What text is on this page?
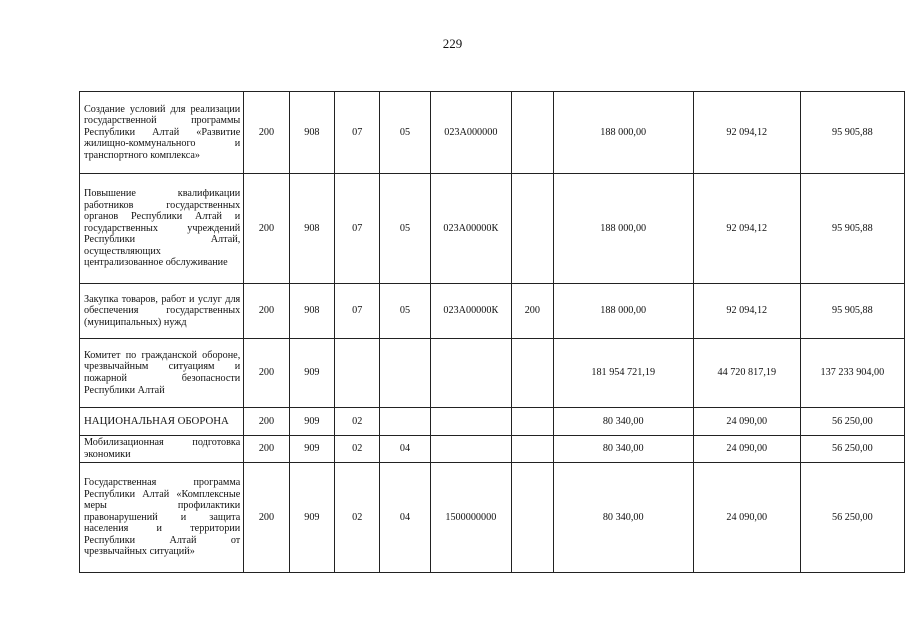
229
Создание условий для реализации государственной программы Республики Алтай «Развитие жилищно-коммунального и транспортного комплекса»	200	908	07	05	023А000000		188 000,00	92 094,12	95 905,88
Повышение квалификации работников государственных органов Республики Алтай и государственных учреждений Республики Алтай, осуществляющих централизованное обслуживание	200	908	07	05	023А00000К		188 000,00	92 094,12	95 905,88
Закупка товаров, работ и услуг для обеспечения государственных (муниципальных) нужд	200	908	07	05	023А00000К	200	188 000,00	92 094,12	95 905,88
Комитет по гражданской обороне, чрезвычайным ситуациям и пожарной безопасности Республики Алтай	200	909					181 954 721,19	44 720 817,19	137 233 904,00
НАЦИОНАЛЬНАЯ ОБОРОНА	200	909	02				80 340,00	24 090,00	56 250,00
Мобилизационная подготовка экономики	200	909	02	04			80 340,00	24 090,00	56 250,00
Государственная программа Республики Алтай «Комплексные меры профилактики правонарушений и защита населения и территории Республики Алтай от чрезвычайных ситуаций»	200	909	02	04	1500000000		80 340,00	24 090,00	56 250,00
